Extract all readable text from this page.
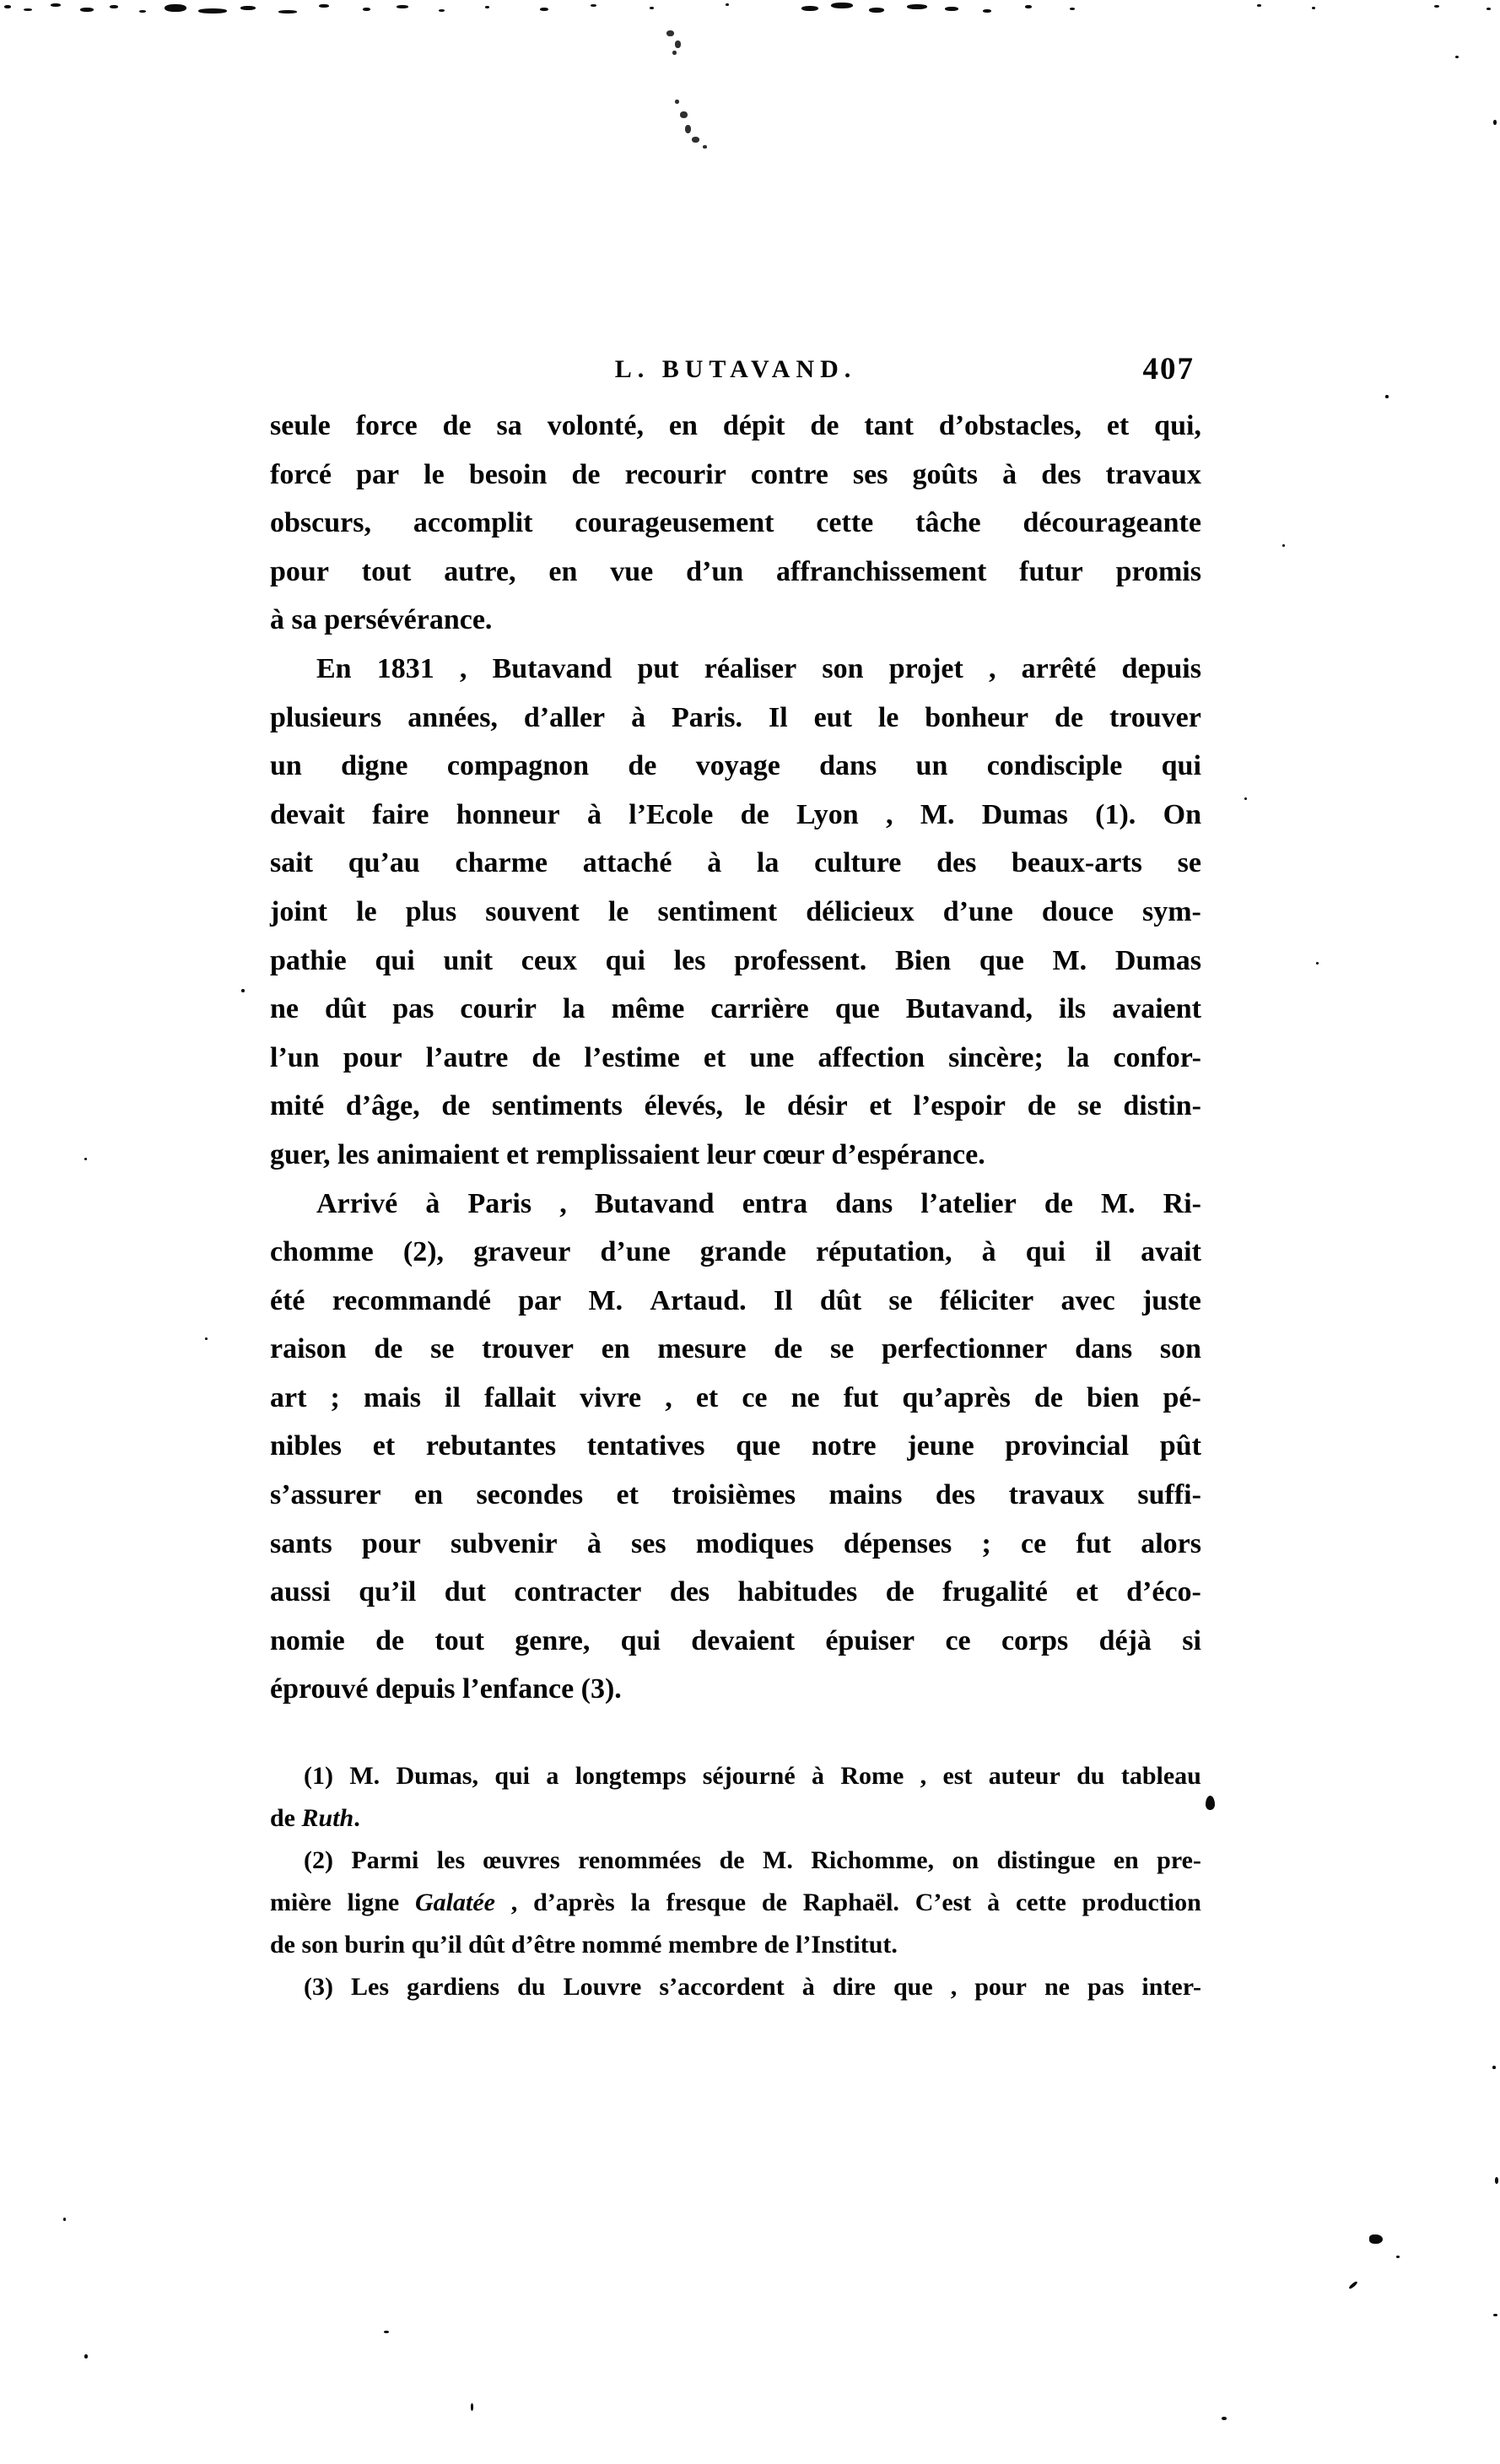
L. BUTAVAND.	407
seule force de sa volonté, en dépit de tant d’obstacles, et qui,
forcé par le besoin de recourir contre ses goûts à des travaux
obscurs, accomplit courageusement cette tâche décourageante
pour tout autre, en vue d’un affranchissement futur promis
à sa persévérance.
En 1831 , Butavand put réaliser son projet , arrêté depuis
plusieurs années, d’aller à Paris. Il eut le bonheur de trouver
un digne compagnon de voyage dans un condisciple qui
devait faire honneur à l’Ecole de Lyon , M. Dumas (1). On
sait qu’au charme attaché à la culture des beaux-arts se
joint le plus souvent le sentiment délicieux d’une douce sym-
pathie qui unit ceux qui les professent. Bien que M. Dumas
ne dût pas courir la même carrière que Butavand, ils avaient
l’un pour l’autre de l’estime et une affection sincère; la confor-
mité d’âge, de sentiments élevés, le désir et l’espoir de se distin-
guer, les animaient et remplissaient leur cœur d’espérance.
Arrivé à Paris , Butavand entra dans l’atelier de M. Ri-
chomme (2), graveur d’une grande réputation, à qui il avait
été recommandé par M. Artaud. Il dût se féliciter avec juste
raison de se trouver en mesure de se perfectionner dans son
art ; mais il fallait vivre , et ce ne fut qu’après de bien pé-
nibles et rebutantes tentatives que notre jeune provincial pût
s’assurer en secondes et troisièmes mains des travaux suffi-
sants pour subvenir à ses modiques dépenses ; ce fut alors
aussi qu’il dut contracter des habitudes de frugalité et d’éco-
nomie de tout genre, qui devaient épuiser ce corps déjà si
éprouvé depuis l’enfance (3).
(1) M. Dumas, qui a longtemps séjourné à Rome , est auteur du tableau
de Ruth.
(2) Parmi les œuvres renommées de M. Richomme, on distingue en pre-
mière ligne Galatée , d’après la fresque de Raphaël. C’est à cette production
de son burin qu’il dût d’être nommé membre de l’Institut.
(3) Les gardiens du Louvre s’accordent à dire que , pour ne pas inter-
